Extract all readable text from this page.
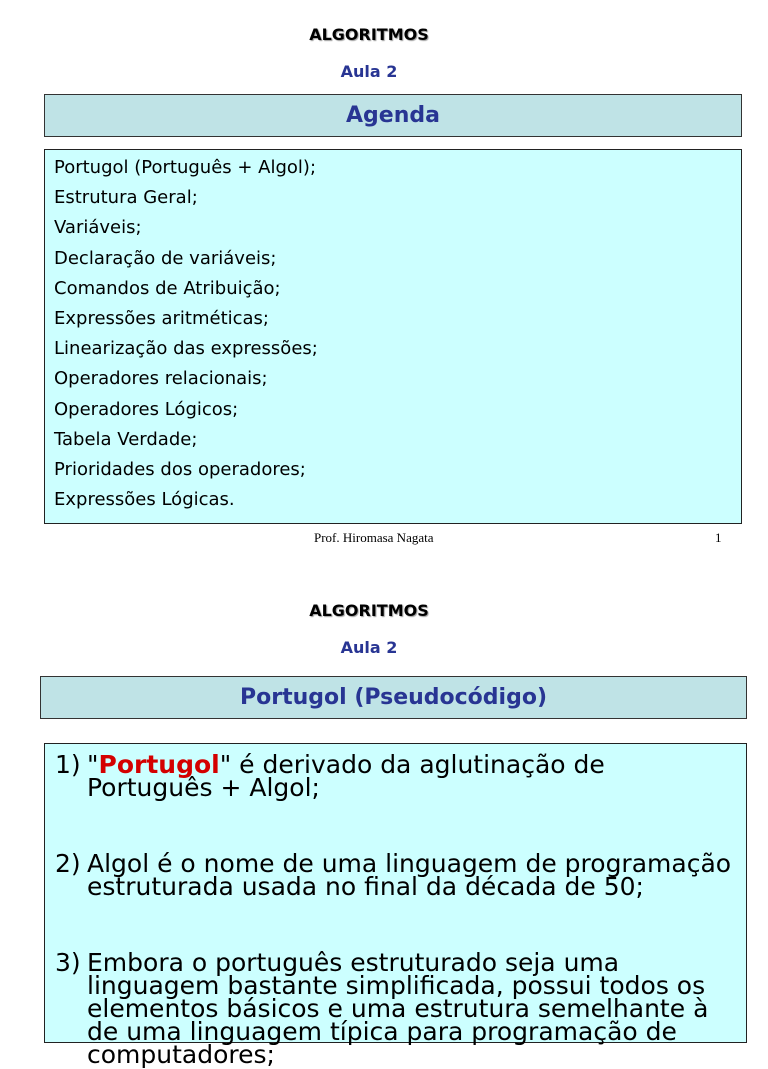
ALGORITMOS
Aula 2
Agenda
Portugol (Português + Algol);
Estrutura Geral;
Variáveis;
Declaração de variáveis;
Comandos de Atribuição;
Expressões aritméticas;
Linearização das expressões;
Operadores relacionais;
Operadores Lógicos;
Tabela Verdade;
Prioridades dos operadores;
Expressões Lógicas.
Prof. Hiromasa Nagata	1
ALGORITMOS
Aula 2
Portugol (Pseudocódigo)
1) "Portugol" é derivado da aglutinação de Português + Algol;
2) Algol é o nome de uma linguagem de programação estruturada usada no final da década de 50;
3) Embora o português estruturado seja uma linguagem bastante simplificada, possui todos os elementos básicos e uma estrutura semelhante à de uma linguagem típica para programação de computadores;
